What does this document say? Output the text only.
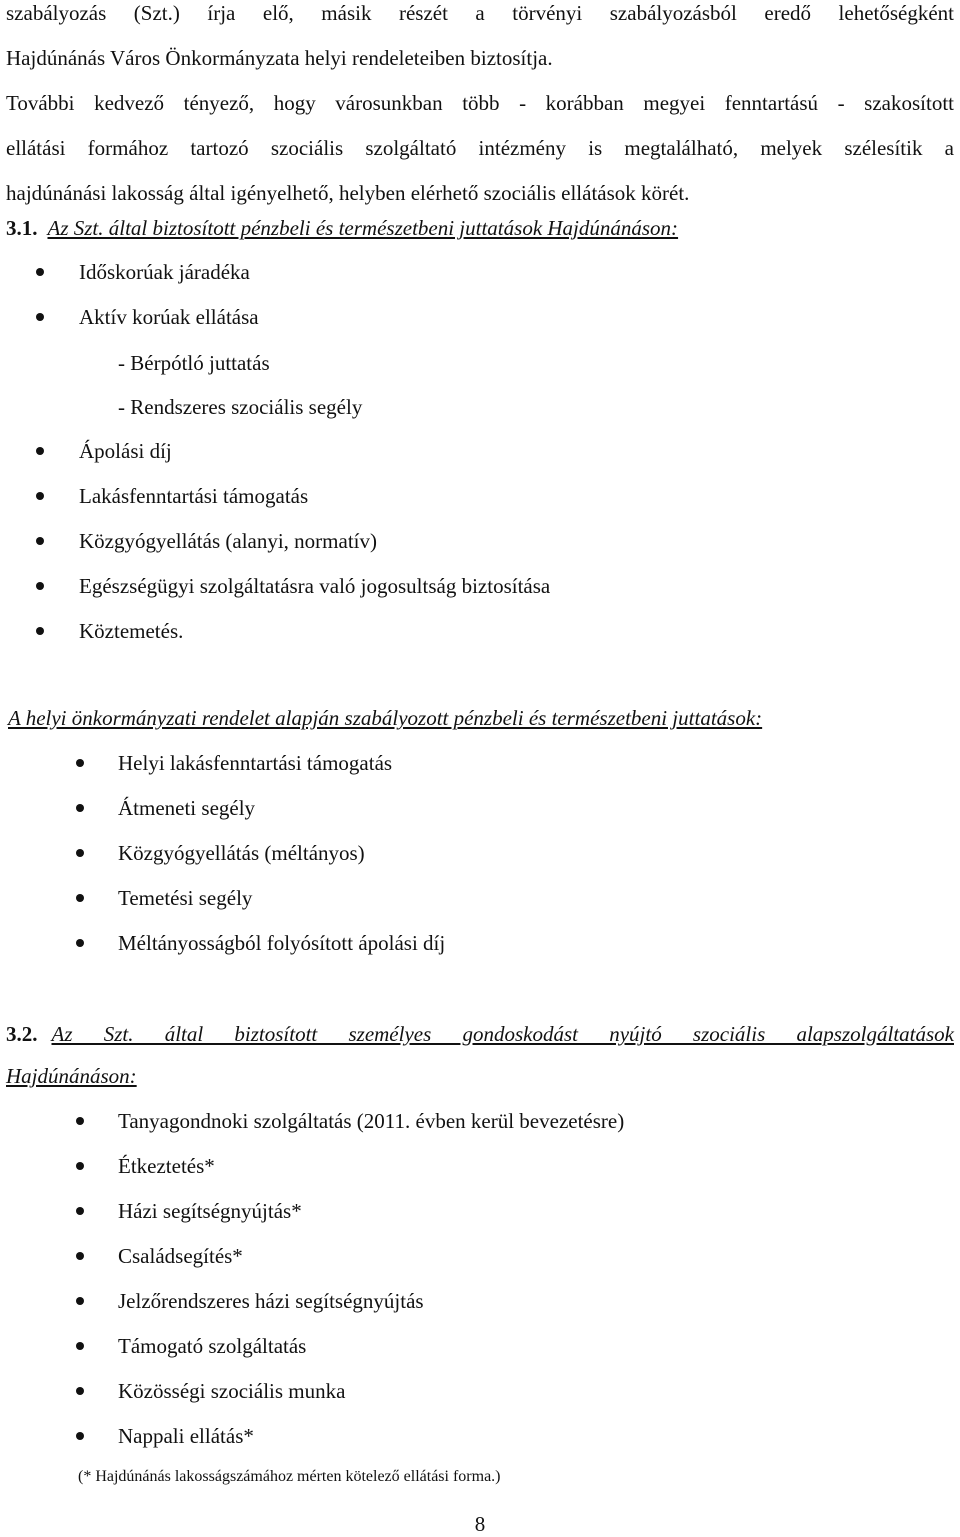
szabályozás (Szt.) írja elő, másik részét a törvényi szabályozásból eredő lehetőségként
Hajdúnánás Város Önkormányzata helyi rendeleteiben biztosítja.
További kedvező tényező, hogy városunkban több - korábban megyei fenntartású - szakosított
ellátási formához tartozó szociális szolgáltató intézmény is megtalálható, melyek szélesítik a
hajdúnánási lakosság által igényelhető, helyben elérhető szociális ellátások körét.
3.1. Az Szt. által biztosított pénzbeli és természetbeni juttatások Hajdúnánáson:
Időskorúak járadéka
Aktív korúak ellátása
- Bérpótló juttatás
- Rendszeres szociális segély
Ápolási díj
Lakásfenntartási támogatás
Közgyógyellátás (alanyi, normatív)
Egészségügyi szolgáltatásra való jogosultság biztosítása
Köztemetés.
A helyi önkormányzati rendelet alapján szabályozott pénzbeli és természetbeni juttatások:
Helyi lakásfenntartási támogatás
Átmeneti segély
Közgyógyellátás (méltányos)
Temetési segély
Méltányosságból folyósított ápolási díj
3.2. Az Szt. által biztosított személyes gondoskodást nyújtó szociális alapszolgáltatások
Hajdúnánáson:
Tanyagondnoki szolgáltatás (2011. évben kerül bevezetésre)
Étkeztetés*
Házi segítségnyújtás*
Családsegítés*
Jelzőrendszeres házi segítségnyújtás
Támogató szolgáltatás
Közösségi szociális munka
Nappali ellátás*
(* Hajdúnánás lakosságszámához mérten kötelező ellátási forma.)
8
